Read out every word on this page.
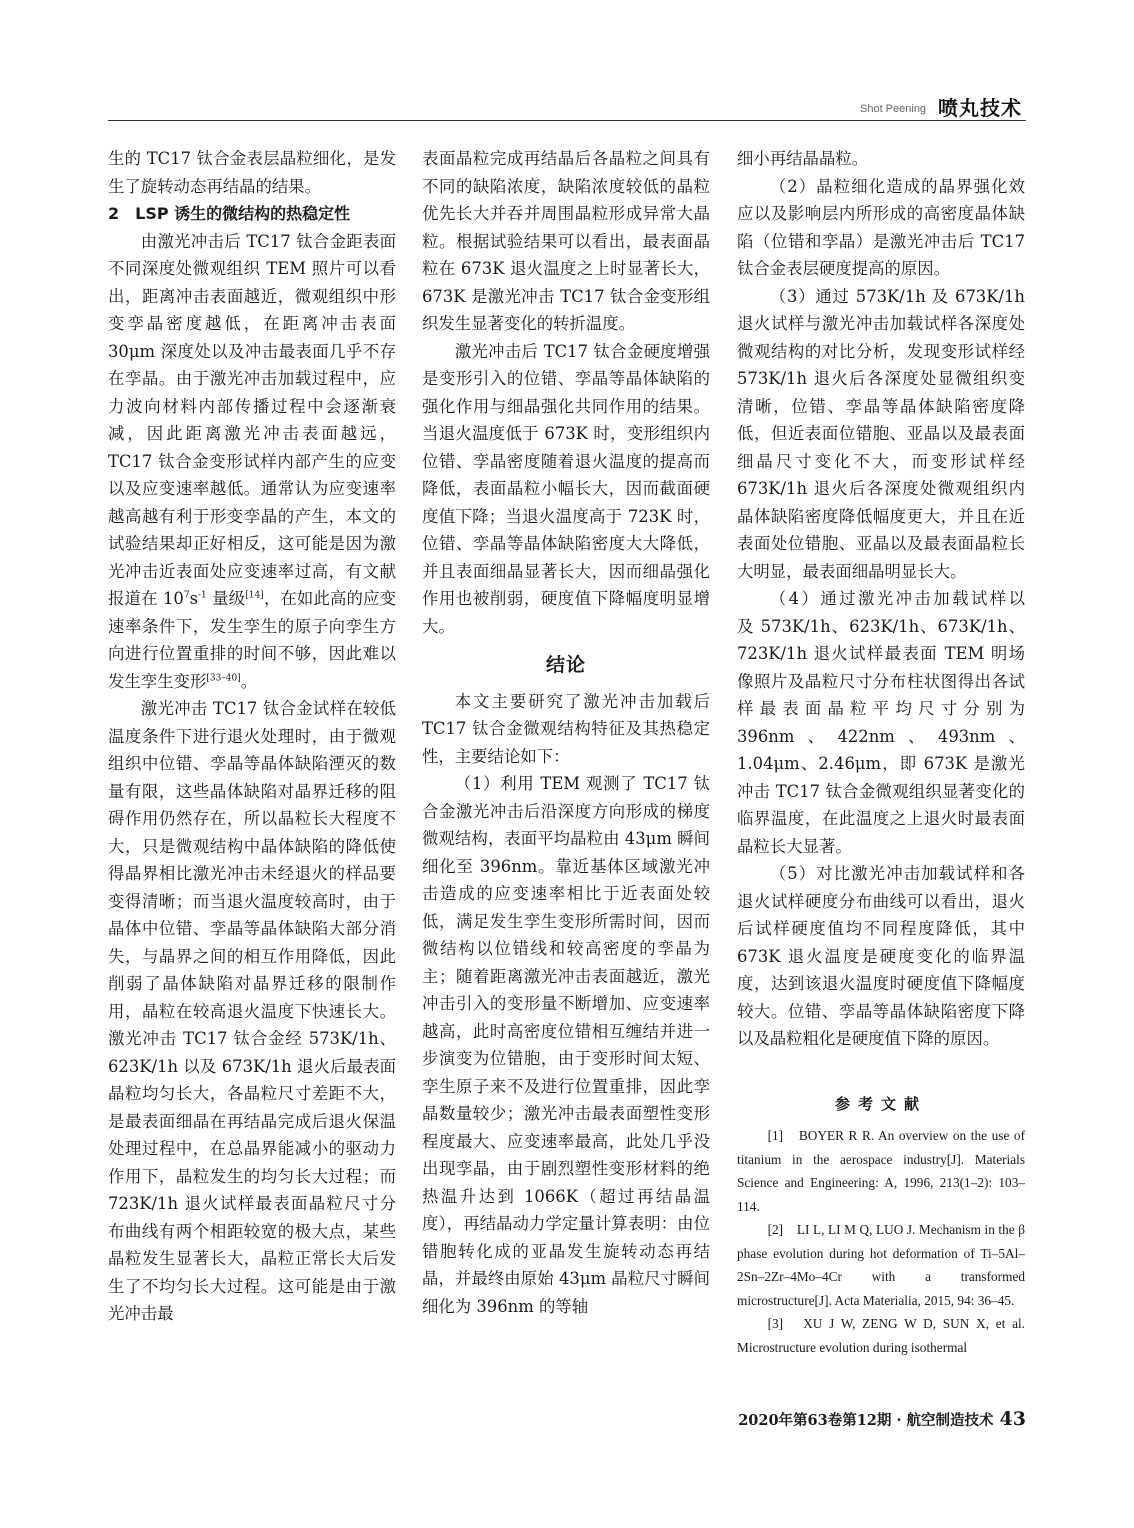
Shot Peening 喷丸技术

生的 TC17 钛合金表层晶粒细化，是发生了旋转动态再结晶的结果。

2　LSP 诱生的微结构的热稳定性

由激光冲击后 TC17 钛合金距表面不同深度处微观组织 TEM 照片可以看出，距离冲击表面越近，微观组织中形变孪晶密度越低，在距离冲击表面 30μm 深度处以及冲击最表面几乎不存在孪晶。由于激光冲击加载过程中，应力波向材料内部传播过程中会逐渐衰减，因此距离激光冲击表面越远，TC17 钛合金变形试样内部产生的应变以及应变速率越低。通常认为应变速率越高越有利于形变孪晶的产生，本文的试验结果却正好相反，这可能是因为激光冲击近表面处应变速率过高，有文献报道在 $10^7s^{-1}$ 量级[14]，在如此高的应变速率条件下，发生孪生的原子向孪生方向进行位置重排的时间不够，因此难以发生孪生变形[33–40]。

激光冲击 TC17 钛合金试样在较低温度条件下进行退火处理时，由于微观组织中位错、孪晶等晶体缺陷湮灭的数量有限，这些晶体缺陷对晶界迁移的阻碍作用仍然存在，所以晶粒长大程度不大，只是微观结构中晶体缺陷的降低使得晶界相比激光冲击未经退火的样品要变得清晰；而当退火温度较高时，由于晶体中位错、孪晶等晶体缺陷大部分消失，与晶界之间的相互作用降低，因此削弱了晶体缺陷对晶界迁移的限制作用，晶粒在较高退火温度下快速长大。激光冲击 TC17 钛合金经 573K/1h、623K/1h 以及 673K/1h 退火后最表面晶粒均匀长大，各晶粒尺寸差距不大，是最表面细晶在再结晶完成后退火保温处理过程中，在总晶界能减小的驱动力作用下，晶粒发生的均匀长大过程；而 723K/1h 退火试样最表面晶粒尺寸分布曲线有两个相距较宽的极大点，某些晶粒发生显著长大，晶粒正常长大后发生了不均匀长大过程。这可能是由于激光冲击最

表面晶粒完成再结晶后各晶粒之间具有不同的缺陷浓度，缺陷浓度较低的晶粒优先长大并吞并周围晶粒形成异常大晶粒。根据试验结果可以看出，最表面晶粒在 673K 退火温度之上时显著长大，673K 是激光冲击 TC17 钛合金变形组织发生显著变化的转折温度。

激光冲击后 TC17 钛合金硬度增强是变形引入的位错、孪晶等晶体缺陷的强化作用与细晶强化共同作用的结果。当退火温度低于 673K 时，变形组织内位错、孪晶密度随着退火温度的提高而降低，表面晶粒小幅长大，因而截面硬度值下降；当退火温度高于 723K 时，位错、孪晶等晶体缺陷密度大大降低，并且表面细晶显著长大，因而细晶强化作用也被削弱，硬度值下降幅度明显增大。

结论

本文主要研究了激光冲击加载后 TC17 钛合金微观结构特征及其热稳定性，主要结论如下：

（1）利用 TEM 观测了 TC17 钛合金激光冲击后沿深度方向形成的梯度微观结构，表面平均晶粒由 43μm 瞬间细化至 396nm。靠近基体区域激光冲击造成的应变速率相比于近表面处较低，满足发生孪生变形所需时间，因而微结构以位错线和较高密度的孪晶为主；随着距离激光冲击表面越近，激光冲击引入的变形量不断增加、应变速率越高，此时高密度位错相互缠结并进一步演变为位错胞，由于变形时间太短、孪生原子来不及进行位置重排，因此孪晶数量较少；激光冲击最表面塑性变形程度最大、应变速率最高，此处几乎没出现孪晶，由于剧烈塑性变形材料的绝热温升达到 1066K（超过再结晶温度），再结晶动力学定量计算表明：由位错胞转化成的亚晶发生旋转动态再结晶，并最终由原始 43μm 晶粒尺寸瞬间细化为 396nm 的等轴

细小再结晶晶粒。

（2）晶粒细化造成的晶界强化效应以及影响层内所形成的高密度晶体缺陷（位错和孪晶）是激光冲击后 TC17 钛合金表层硬度提高的原因。

（3）通过 573K/1h 及 673K/1h 退火试样与激光冲击加载试样各深度处微观结构的对比分析，发现变形试样经 573K/1h 退火后各深度处显微组织变清晰，位错、孪晶等晶体缺陷密度降低，但近表面位错胞、亚晶以及最表面细晶尺寸变化不大，而变形试样经 673K/1h 退火后各深度处微观组织内晶体缺陷密度降低幅度更大，并且在近表面处位错胞、亚晶以及最表面晶粒长大明显，最表面细晶明显长大。

（4）通过激光冲击加载试样以　及 573K/1h、623K/1h、673K/1h、723K/1h 退火试样最表面 TEM 明场像照片及晶粒尺寸分布柱状图得出各试样最表面晶粒平均尺寸分别为 396nm、422nm、493nm、1.04μm、2.46μm，即 673K 是激光冲击 TC17 钛合金微观组织显著变化的临界温度，在此温度之上退火时最表面晶粒长大显著。

（5）对比激光冲击加载试样和各退火试样硬度分布曲线可以看出，退火后试样硬度值均不同程度降低，其中 673K 退火温度是硬度变化的临界温度，达到该退火温度时硬度值下降幅度较大。位错、孪晶等晶体缺陷密度下降以及晶粒粗化是硬度值下降的原因。

参考文献

[1]　BOYER R R. An overview on the use of titanium in the aerospace industry[J]. Materials Science and Engineering: A, 1996, 213(1–2): 103–114.

[2]　LI L, LI M Q, LUO J. Mechanism in the β phase evolution during hot deformation of Ti–5Al–2Sn–2Zr–4Mo–4Cr with a transformed microstructure[J]. Acta Materialia, 2015, 94: 36–45.

[3]　XU J W, ZENG W D, SUN X, et al. Microstructure evolution during isothermal

2020年第63卷第12期 · 航空制造技术 43
